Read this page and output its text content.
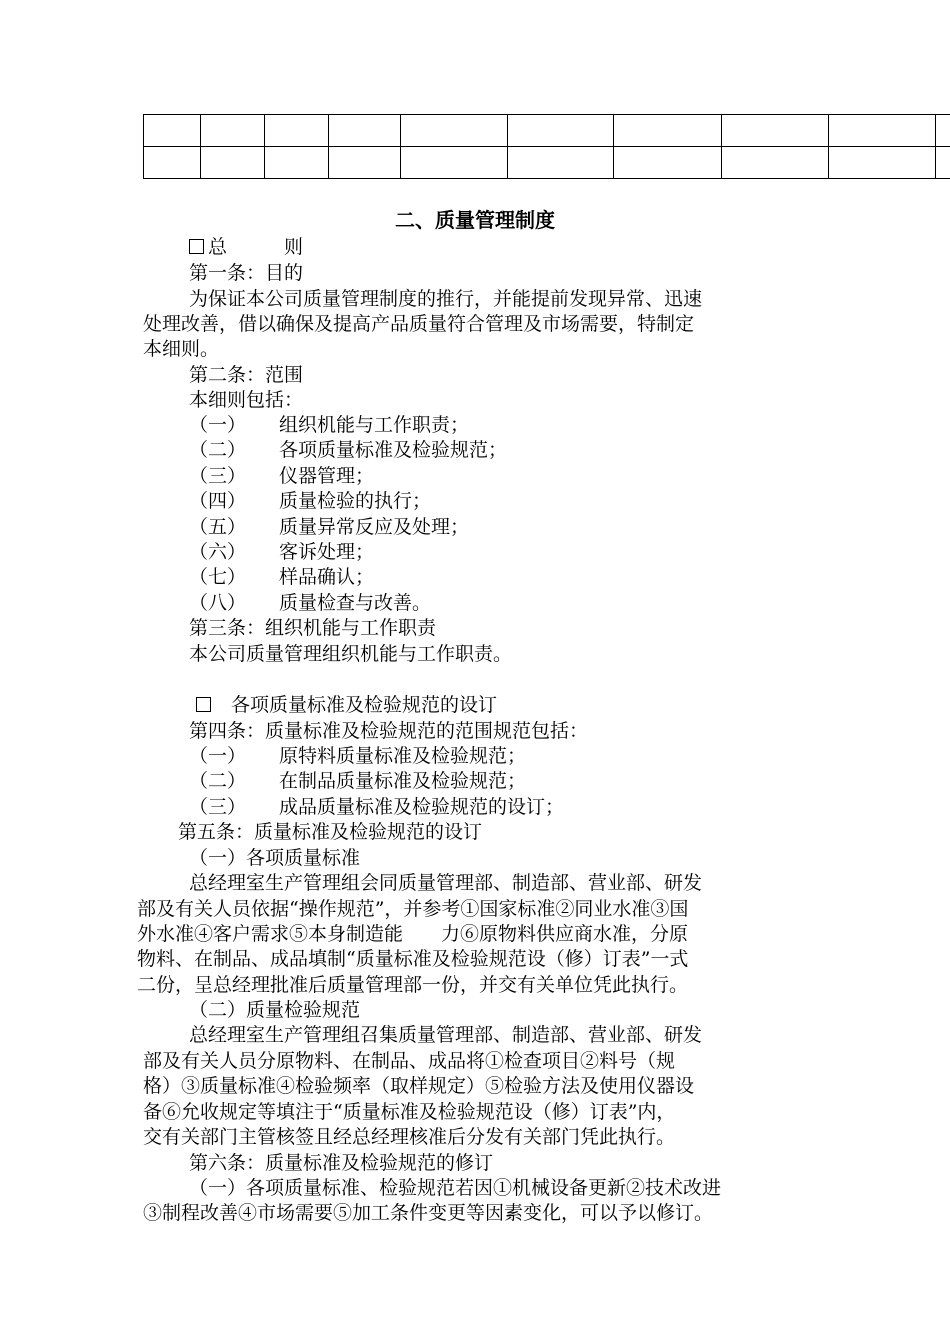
二、质量管理制度
总　　　则
第一条：目的
为保证本公司质量管理制度的推行，并能提前发现异常、迅速
处理改善，借以确保及提高产品质量符合管理及市场需要，特制定
本细则。
第二条：范围
本细则包括：
（一） 组织机能与工作职责；
（二） 各项质量标准及检验规范；
（三） 仪器管理；
（四） 质量检验的执行；
（五） 质量异常反应及处理；
（六） 客诉处理；
（七） 样品确认；
（八） 质量检查与改善。
第三条：组织机能与工作职责
本公司质量管理组织机能与工作职责。
各项质量标准及检验规范的设订
第四条：质量标准及检验规范的范围规范包括：
（一） 原特料质量标准及检验规范；
（二） 在制品质量标准及检验规范；
（三） 成品质量标准及检验规范的设订；
第五条：质量标准及检验规范的设订
（一）各项质量标准
总经理室生产管理组会同质量管理部、制造部、营业部、研发
部及有关人员依据“操作规范”，并参考①国家标准②同业水准③国
外水准④客户需求⑤本身制造能　　力⑥原物料供应商水准，分原
物料、在制品、成品填制“质量标准及检验规范设（修）订表”一式
二份，呈总经理批准后质量管理部一份，并交有关单位凭此执行。
（二）质量检验规范
总经理室生产管理组召集质量管理部、制造部、营业部、研发
部及有关人员分原物料、在制品、成品将①检查项目②料号（规
格）③质量标准④检验频率（取样规定）⑤检验方法及使用仪器设
备⑥允收规定等填注于“质量标准及检验规范设（修）订表”内，
交有关部门主管核签且经总经理核准后分发有关部门凭此执行。
第六条：质量标准及检验规范的修订
（一）各项质量标准、检验规范若因①机械设备更新②技术改进
③制程改善④市场需要⑤加工条件变更等因素变化，可以予以修订。
